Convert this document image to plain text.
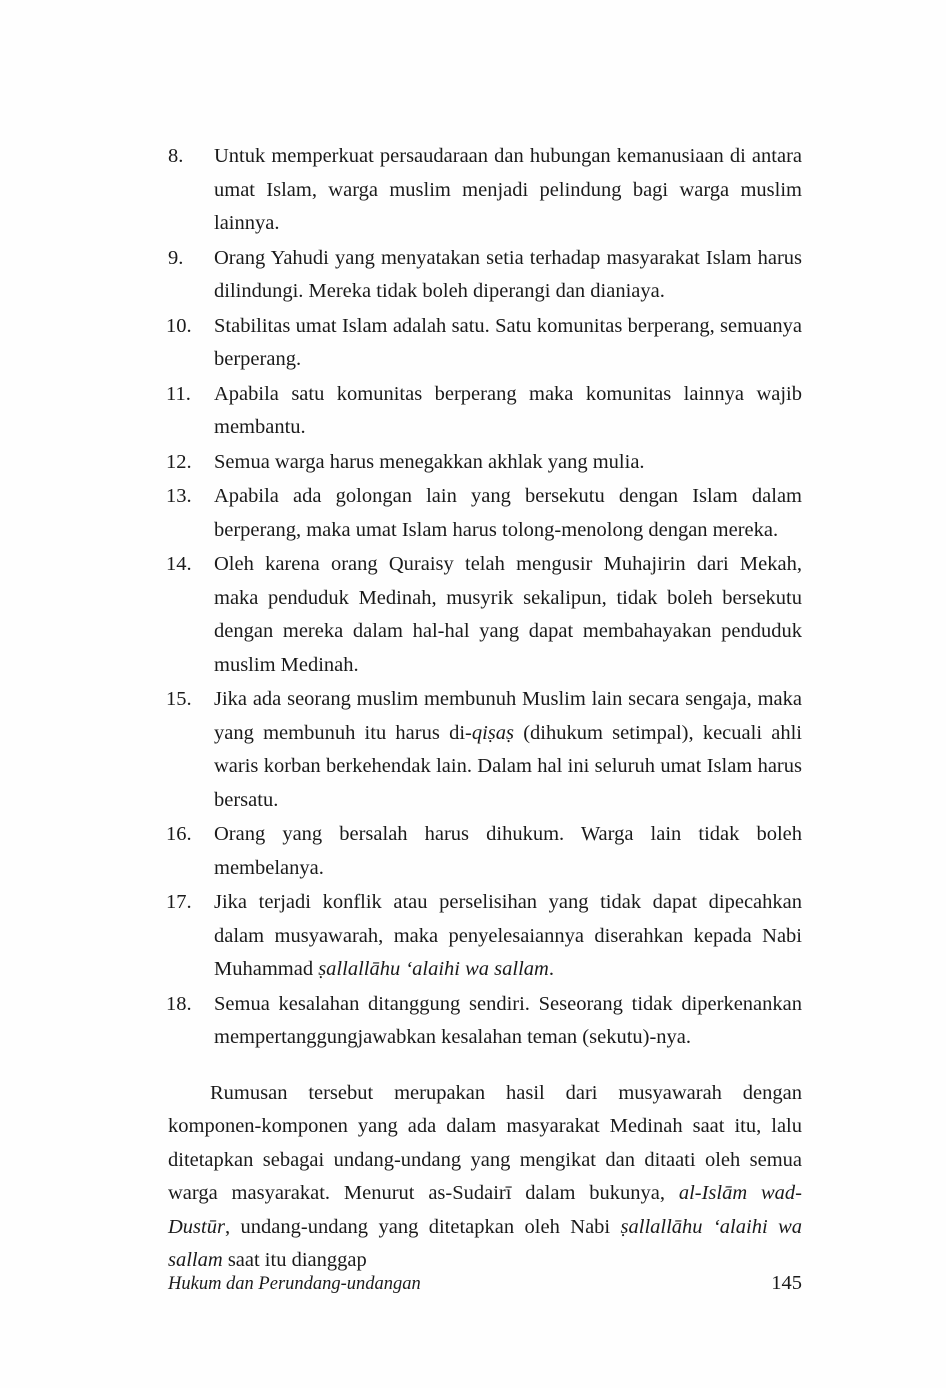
8.	Untuk memperkuat persaudaraan dan hubungan kemanusiaan di antara umat Islam, warga muslim menjadi pelindung bagi warga muslim lainnya.
9.	Orang Yahudi yang menyatakan setia terhadap masyarakat Islam harus dilindungi. Mereka tidak boleh diperangi dan dianiaya.
10.	Stabilitas umat Islam adalah satu. Satu komunitas berperang, semuanya berperang.
11.	Apabila satu komunitas berperang maka komunitas lainnya wajib membantu.
12.	Semua warga harus menegakkan akhlak yang mulia.
13.	Apabila ada golongan lain yang bersekutu dengan Islam dalam berperang, maka umat Islam harus tolong-menolong dengan mereka.
14.	Oleh karena orang Quraisy telah mengusir Muhajirin dari Mekah, maka penduduk Medinah, musyrik sekalipun, tidak boleh bersekutu dengan mereka dalam hal-hal yang dapat membahayakan penduduk muslim Medinah.
15.	Jika ada seorang muslim membunuh Muslim lain secara sengaja, maka yang membunuh itu harus di-qiṣaṣ (dihukum setimpal), kecuali ahli waris korban berkehendak lain. Dalam hal ini seluruh umat Islam harus bersatu.
16.	Orang yang bersalah harus dihukum. Warga lain tidak boleh membelanya.
17.	Jika terjadi konflik atau perselisihan yang tidak dapat dipecahkan dalam musyawarah, maka penyelesaiannya diserahkan kepada Nabi Muhammad ṣallallāhu ‘alaihi wa sallam.
18.	Semua kesalahan ditanggung sendiri. Seseorang tidak diperkenankan mempertanggungjawabkan kesalahan teman (sekutu)-nya.

Rumusan tersebut merupakan hasil dari musyawarah dengan komponen-komponen yang ada dalam masyarakat Medinah saat itu, lalu ditetapkan sebagai undang-undang yang mengikat dan ditaati oleh semua warga masyarakat. Menurut as-Sudairī dalam bukunya, al-Islām wad-Dustūr, undang-undang yang ditetapkan oleh Nabi ṣallallāhu ‘alaihi wa sallam saat itu dianggap

Hukum dan Perundang-undangan	145
